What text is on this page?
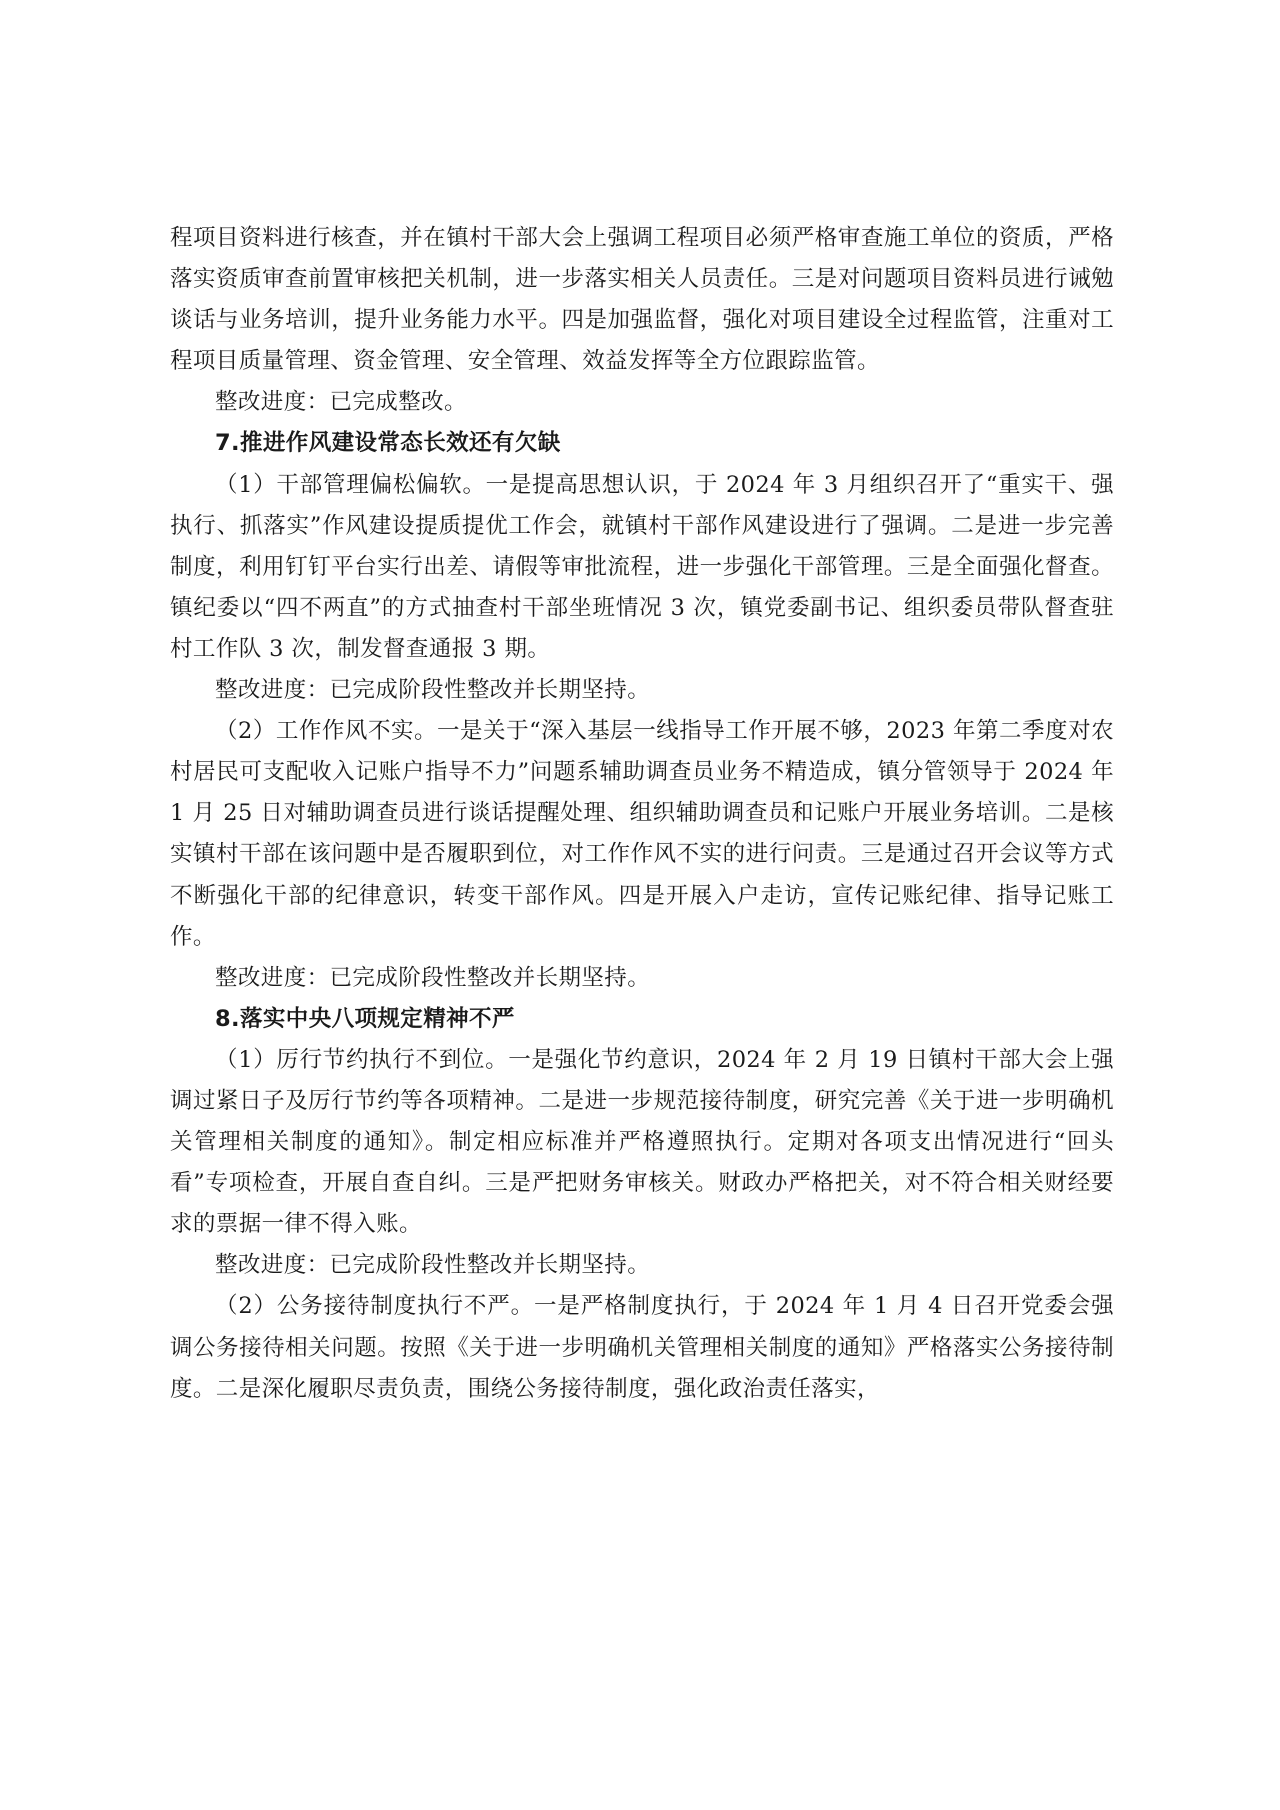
程项目资料进行核查，并在镇村干部大会上强调工程项目必须严格审查施工单位的资质，严格落实资质审查前置审核把关机制，进一步落实相关人员责任。三是对问题项目资料员进行诫勉谈话与业务培训，提升业务能力水平。四是加强监督，强化对项目建设全过程监管，注重对工程项目质量管理、资金管理、安全管理、效益发挥等全方位跟踪监管。

整改进度：已完成整改。

7.推进作风建设常态长效还有欠缺

（1）干部管理偏松偏软。一是提高思想认识，于 2024 年 3 月组织召开了“重实干、强执行、抓落实”作风建设提质提优工作会，就镇村干部作风建设进行了强调。二是进一步完善制度，利用钉钉平台实行出差、请假等审批流程，进一步强化干部管理。三是全面强化督查。镇纪委以“四不两直”的方式抽查村干部坐班情况 3 次，镇党委副书记、组织委员带队督查驻村工作队 3 次，制发督查通报 3 期。

整改进度：已完成阶段性整改并长期坚持。

（2）工作作风不实。一是关于“深入基层一线指导工作开展不够，2023 年第二季度对农村居民可支配收入记账户指导不力”问题系辅助调查员业务不精造成，镇分管领导于 2024 年 1 月 25 日对辅助调查员进行谈话提醒处理、组织辅助调查员和记账户开展业务培训。二是核实镇村干部在该问题中是否履职到位，对工作作风不实的进行问责。三是通过召开会议等方式不断强化干部的纪律意识，转变干部作风。四是开展入户走访，宣传记账纪律、指导记账工作。

整改进度：已完成阶段性整改并长期坚持。

8.落实中央八项规定精神不严

（1）厉行节约执行不到位。一是强化节约意识，2024 年 2 月 19 日镇村干部大会上强调过紧日子及厉行节约等各项精神。二是进一步规范接待制度，研究完善《关于进一步明确机关管理相关制度的通知》。制定相应标准并严格遵照执行。定期对各项支出情况进行“回头看”专项检查，开展自查自纠。三是严把财务审核关。财政办严格把关，对不符合相关财经要求的票据一律不得入账。

整改进度：已完成阶段性整改并长期坚持。

（2）公务接待制度执行不严。一是严格制度执行，于 2024 年 1 月 4 日召开党委会强调公务接待相关问题。按照《关于进一步明确机关管理相关制度的通知》严格落实公务接待制度。二是深化履职尽责负责，围绕公务接待制度，强化政治责任落实，
